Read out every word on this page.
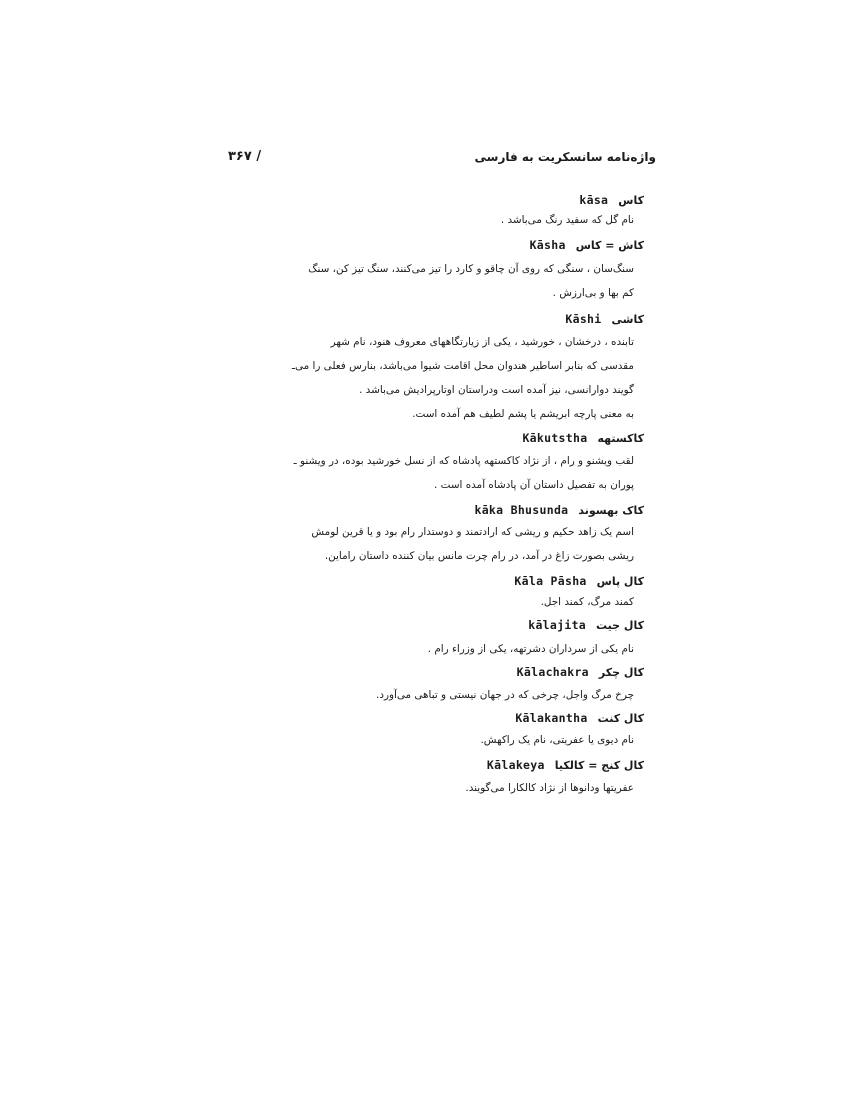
واژه‌نامه سانسکریت به فارسی
/ ۳۶۷
کاس kāsa
نام گل که سفید رنگ می‌باشد .
کاش = کاس Kāsha
سنگ‌سان ، سنگی که روی آن چاقو و کارد را تیز می‌کنند، سنگ تیز کن، سنگ
کم بها و بی‌ارزش .
کاشی Kāshi
تابنده ، درخشان ، خورشید ، یکی از زیارتگاههای معروف هنود، نام شهر
مقدسی که بنابر اساطیر هندوان محل اقامت شیوا می‌باشد، بنارس فعلی را می‌ـ
گویند دوارانسی، نیز آمده است ودراستان اوتارپرادیش می‌باشد .
به معنی پارچه ابریشم یا پشم لطیف هم آمده است.
کاکستهه Kākutstha
لقب ویشنو و رام ، از نژاد کاکستهه پادشاه که از نسل خورشید بوده، در ویشنو ـ
پوران به تفصیل داستان آن پادشاه آمده است .
کاک بهسوند kāka Bhusunda
اسم یک زاهد حکیم و ریشی که ارادتمند و دوستدار رام بود و یا قرین لومش
ریشی بصورت زاغ در آمد، در رام چرت مانس بیان کننده داستان راماین.
کال پاس Kāla Pāsha
کمند مرگ، کمند اجل.
کال جیت kālajita
نام یکی از سرداران دشرتهه، یکی از وزراء رام .
کال چکر Kālachakra
چرخ مرگ واجل، چرخی که در جهان نیستی و تباهی می‌آورد.
کال کنت Kālakantha
نام دیوی یا عفریتی، نام یک راکهش.
کال کنج = کالکیا Kālakeya
عفریتها ودانوها از نژاد کالکارا می‌گویند.
